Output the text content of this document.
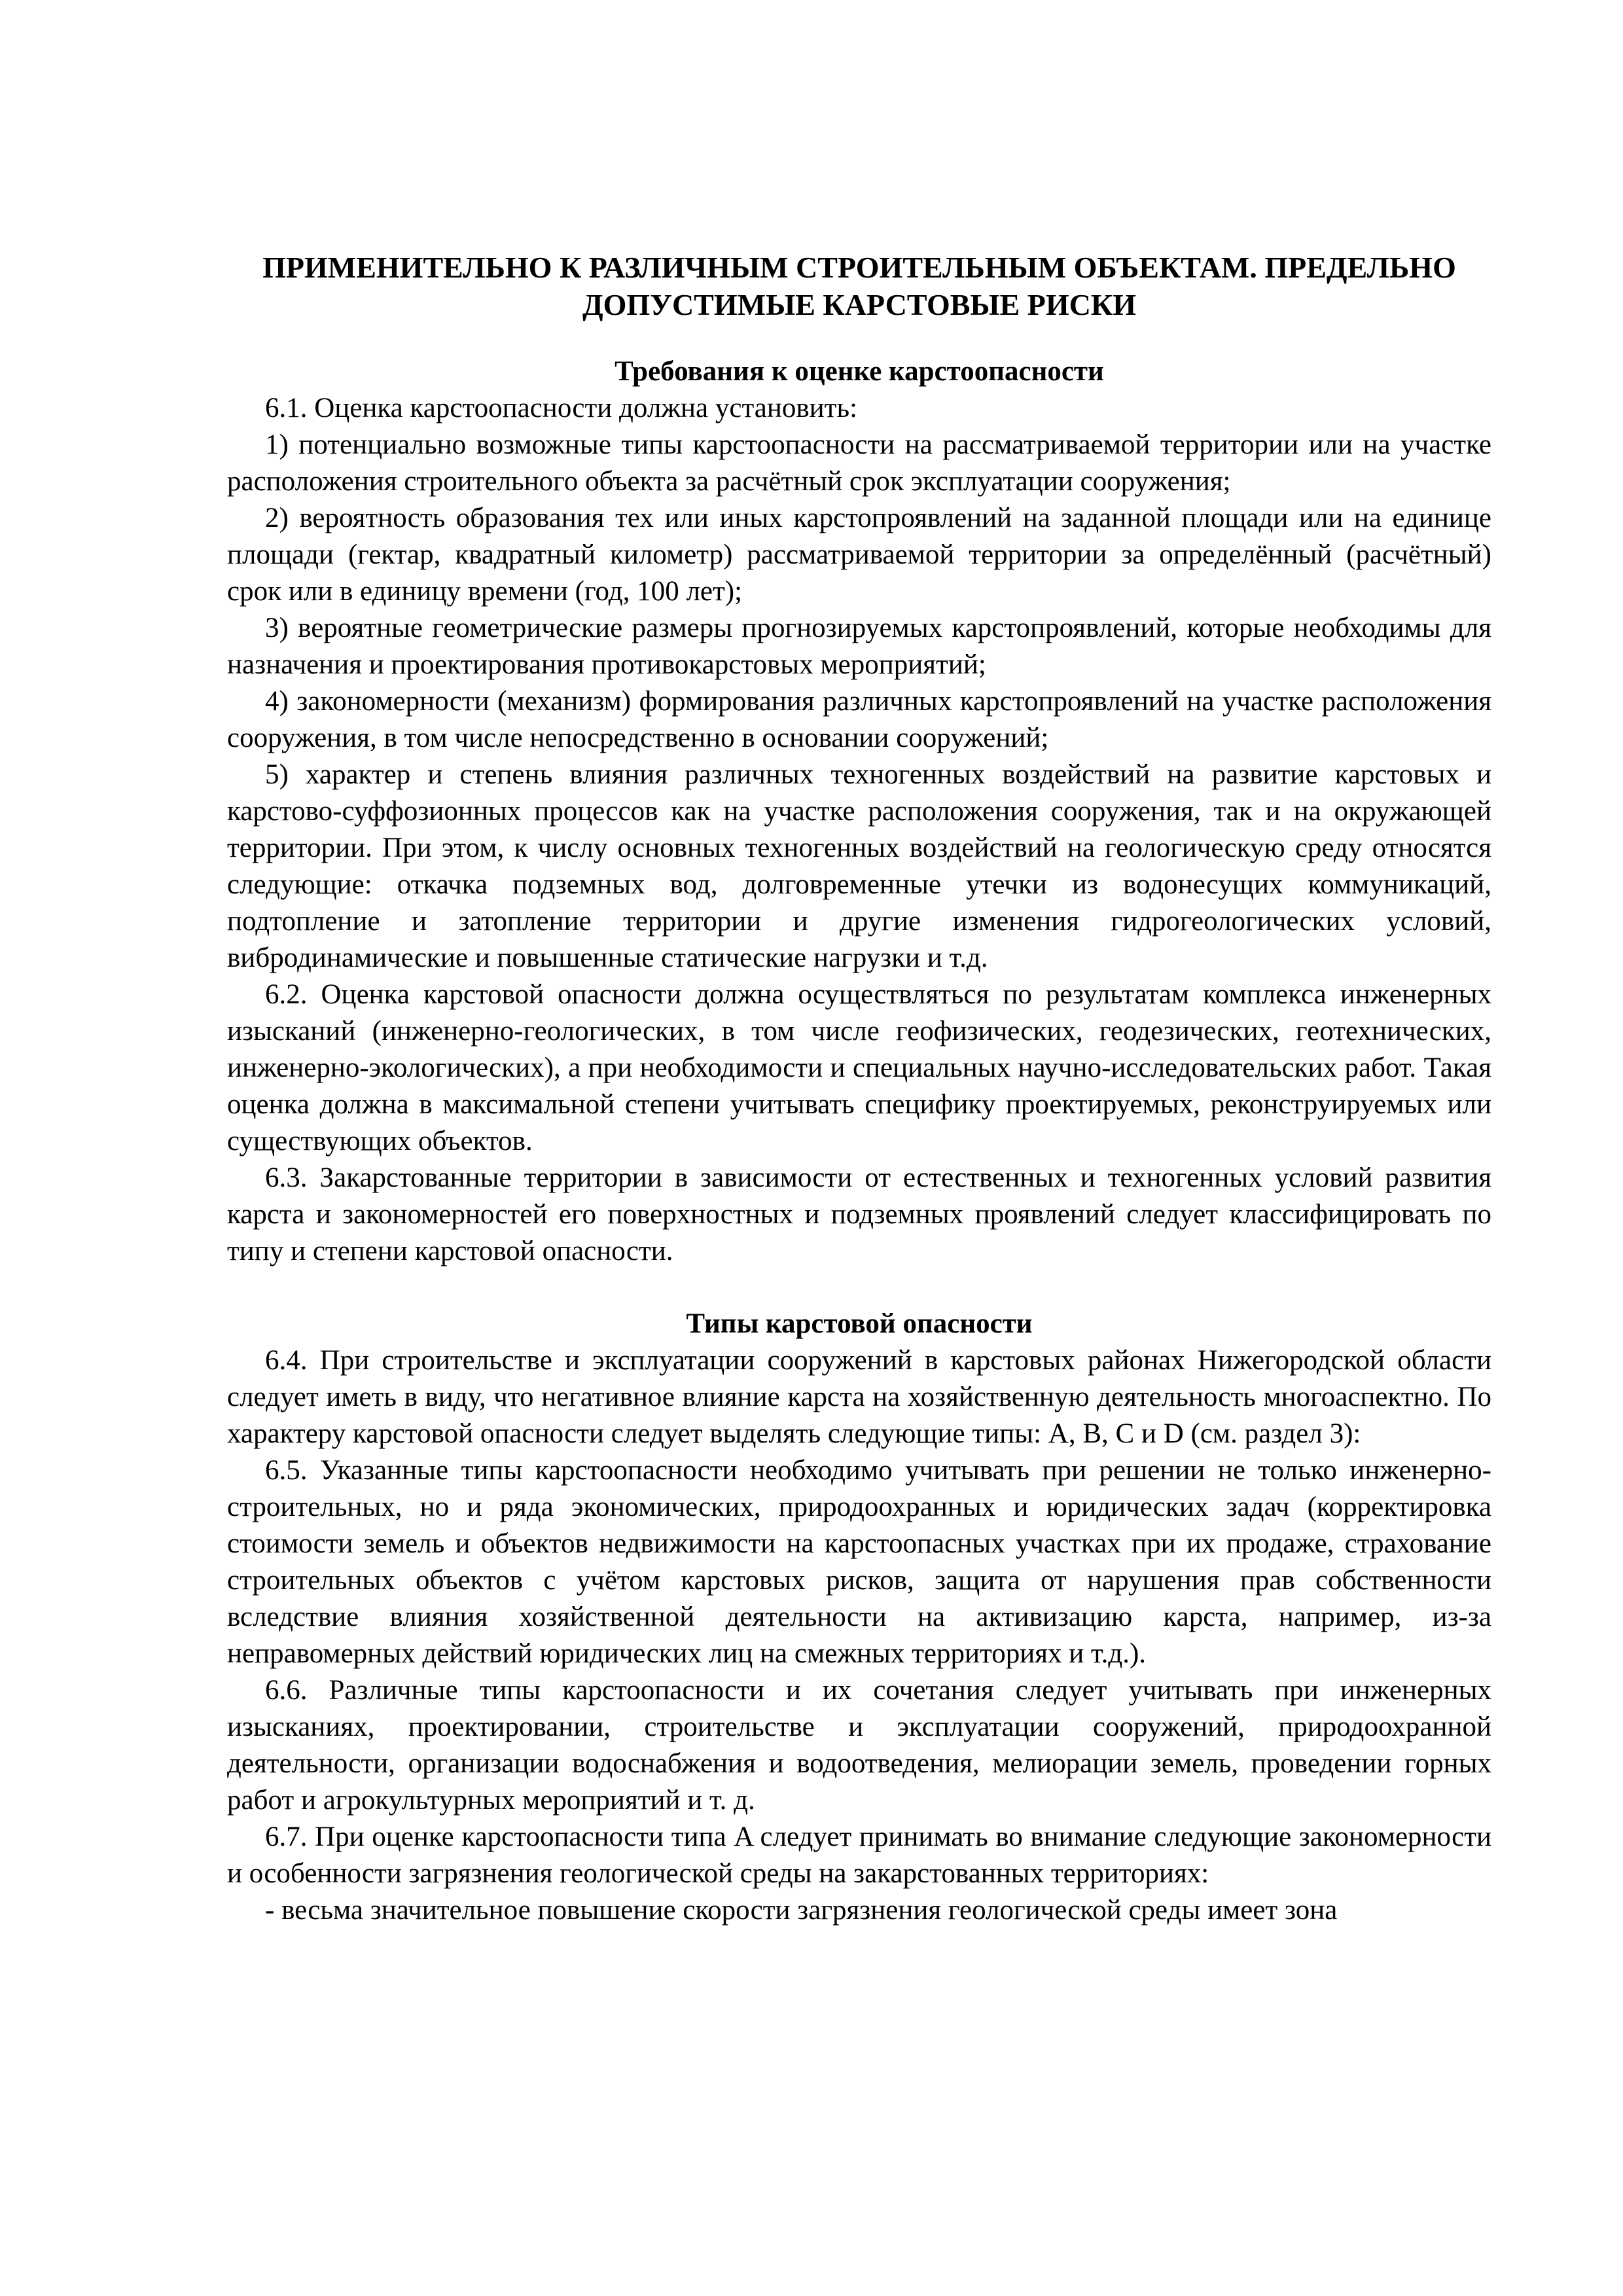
ПРИМЕНИТЕЛЬНО К РАЗЛИЧНЫМ СТРОИТЕЛЬНЫМ ОБЪЕКТАМ. ПРЕДЕЛЬНО ДОПУСТИМЫЕ КАРСТОВЫЕ РИСКИ

Требования к оценке карстоопасности

6.1. Оценка карстоопасности должна установить:

1) потенциально возможные типы карстоопасности на рассматриваемой территории или на участке расположения строительного объекта за расчётный срок эксплуатации сооружения;

2) вероятность образования тех или иных карстопроявлений на заданной площади или на единице площади (гектар, квадратный километр) рассматриваемой территории за определённый (расчётный) срок или в единицу времени (год, 100 лет);

3) вероятные геометрические размеры прогнозируемых карстопроявлений, которые необходимы для назначения и проектирования противокарстовых мероприятий;

4) закономерности (механизм) формирования различных карстопроявлений на участке расположения сооружения, в том числе непосредственно в основании сооружений;

5) характер и степень влияния различных техногенных воздействий на развитие карстовых и карстово-суффозионных процессов как на участке расположения сооружения, так и на окружающей территории. При этом, к числу основных техногенных воздействий на геологическую среду относятся следующие: откачка подземных вод, долговременные утечки из водонесущих коммуникаций, подтопление и затопление территории и другие изменения гидрогеологических условий, вибродинамические и повышенные статические нагрузки и т.д.

6.2. Оценка карстовой опасности должна осуществляться по результатам комплекса инженерных изысканий (инженерно-геологических, в том числе геофизических, геодезических, геотехнических, инженерно-экологических), а при необходимости и специальных научно-исследовательских работ. Такая оценка должна в максимальной степени учитывать специфику проектируемых, реконструируемых или существующих объектов.

6.3. Закарстованные территории в зависимости от естественных и техногенных условий развития карста и закономерностей его поверхностных и подземных проявлений следует классифицировать по типу и степени карстовой опасности.

Типы карстовой опасности

6.4. При строительстве и эксплуатации сооружений в карстовых районах Нижегородской области следует иметь в виду, что негативное влияние карста на хозяйственную деятельность многоаспектно. По характеру карстовой опасности следует выделять следующие типы: A, B, C и D (см. раздел 3):

6.5. Указанные типы карстоопасности необходимо учитывать при решении не только инженерно-строительных, но и ряда экономических, природоохранных и юридических задач (корректировка стоимости земель и объектов недвижимости на карстоопасных участках при их продаже, страхование строительных объектов с учётом карстовых рисков, защита от нарушения прав собственности вследствие влияния хозяйственной деятельности на активизацию карста, например, из-за неправомерных действий юридических лиц на смежных территориях и т.д.).

6.6. Различные типы карстоопасности и их сочетания следует учитывать при инженерных изысканиях, проектировании, строительстве и эксплуатации сооружений, природоохранной деятельности, организации водоснабжения и водоотведения, мелиорации земель, проведении горных работ и агрокультурных мероприятий и т. д.

6.7. При оценке карстоопасности типа A следует принимать во внимание следующие закономерности и особенности загрязнения геологической среды на закарстованных территориях:

- весьма значительное повышение скорости загрязнения геологической среды имеет зона
